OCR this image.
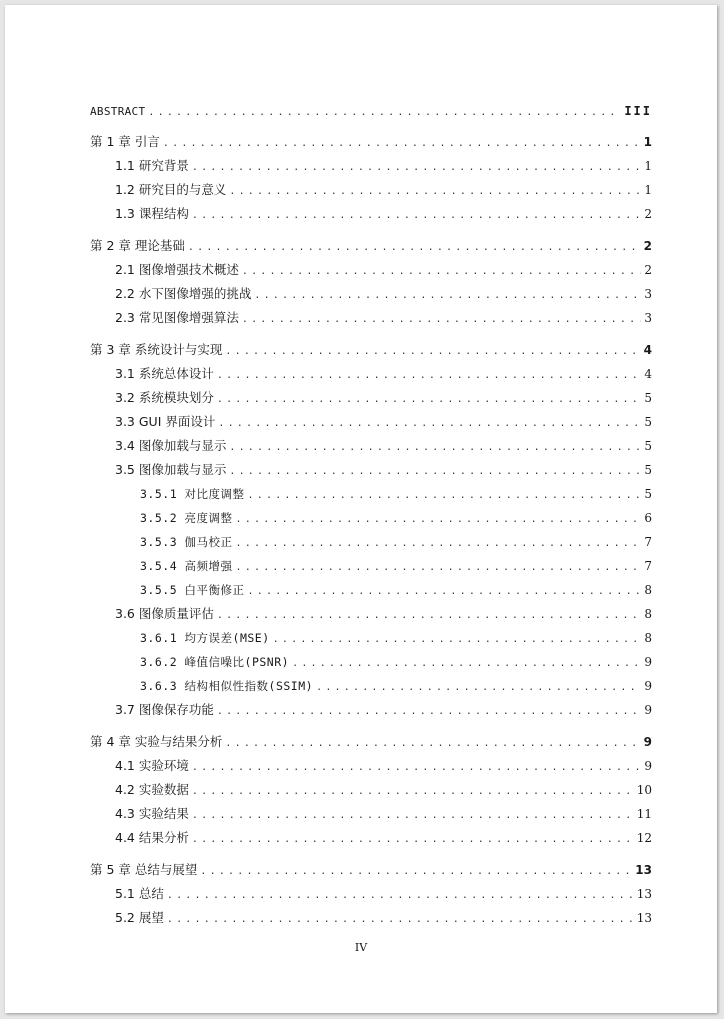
ABSTRACT .....	III
第 1 章 引言 .....	1
1.1 研究背景 .....	1
1.2 研究目的与意义 .....	1
1.3 课程结构 .....	2
第 2 章 理论基础 .....	2
2.1 图像增强技术概述 .....	2
2.2 水下图像增强的挑战 .....	3
2.3 常见图像增强算法 .....	3
第 3 章 系统设计与实现 .....	4
3.1 系统总体设计 .....	4
3.2 系统模块划分 .....	5
3.3 GUI 界面设计 .....	5
3.4 图像加载与显示 .....	5
3.5 图像加载与显示 .....	5
3.5.1 对比度调整 .....	5
3.5.2 亮度调整 .....	6
3.5.3 伽马校正 .....	7
3.5.4 高频增强 .....	7
3.5.5 白平衡修正 .....	8
3.6 图像质量评估 .....	8
3.6.1 均方误差(MSE) .....	8
3.6.2 峰值信噪比(PSNR) .....	9
3.6.3 结构相似性指数(SSIM) .....	9
3.7 图像保存功能 .....	9
第 4 章 实验与结果分析 .....	9
4.1 实验环境 .....	9
4.2 实验数据 .....	10
4.3 实验结果 .....	11
4.4 结果分析 .....	12
第 5 章 总结与展望 .....	13
5.1 总结 .....	13
5.2 展望 .....	13
IV
